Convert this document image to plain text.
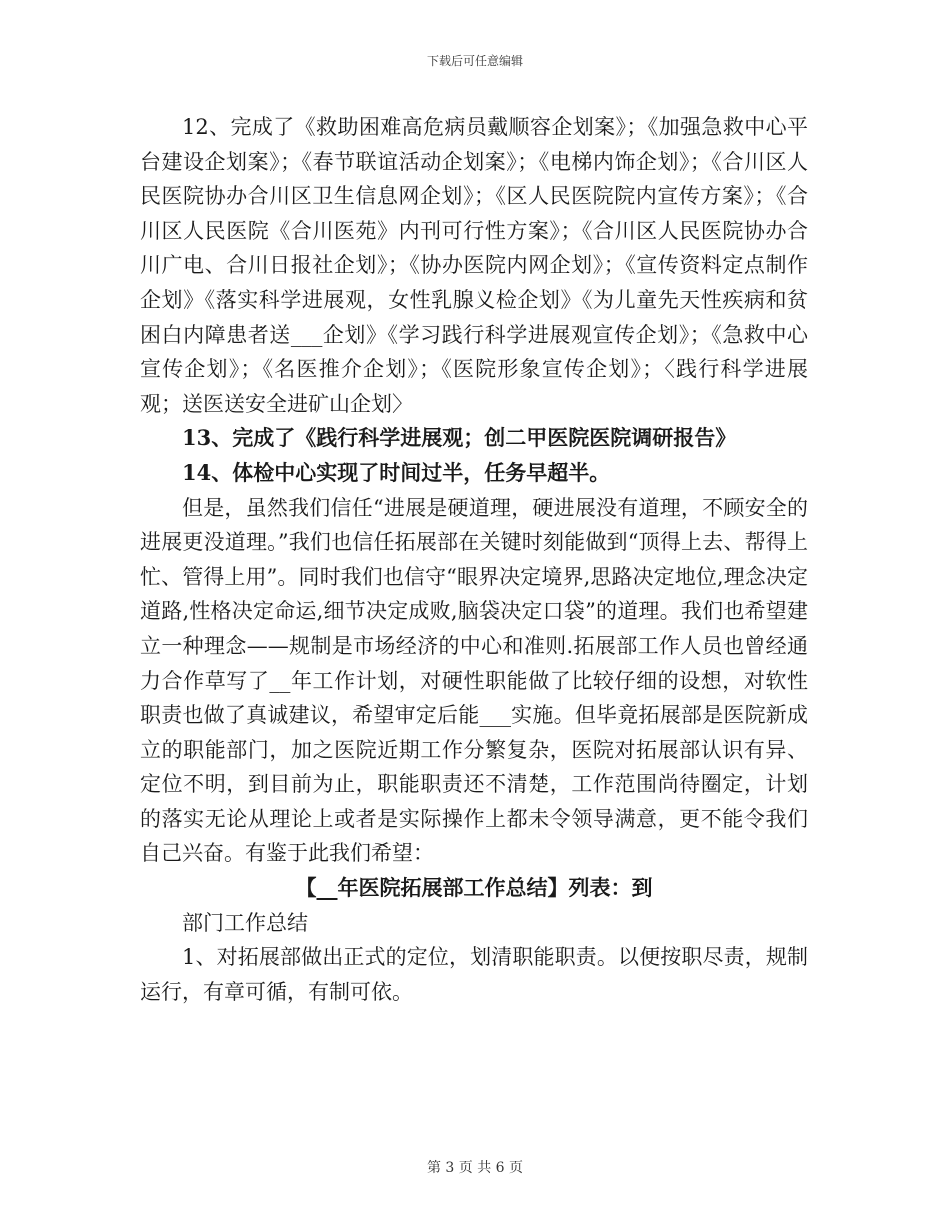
下载后可任意编辑

12、完成了《救助困难高危病员戴顺容企划案》；《加强急救中心平台建设企划案》；《春节联谊活动企划案》；《电梯内饰企划》；《合川区人民医院协办合川区卫生信息网企划》；《区人民医院院内宣传方案》；《合川区人民医院《合川医苑》内刊可行性方案》；《合川区人民医院协办合川广电、合川日报社企划》；《协办医院内网企划》；《宣传资料定点制作企划》《落实科学进展观，女性乳腺义检企划》《为儿童先天性疾病和贫困白内障患者送___企划》《学习践行科学进展观宣传企划》；《急救中心宣传企划》；《名医推介企划》；《医院形象宣传企划》；〈践行科学进展观；送医送安全进矿山企划〉

13、完成了《践行科学进展观；创二甲医院医院调研报告》

14、体检中心实现了时间过半，任务早超半。

但是，虽然我们信任“进展是硬道理，硬进展没有道理，不顾安全的进展更没道理。”我们也信任拓展部在关键时刻能做到“顶得上去、帮得上忙、管得上用”。同时我们也信守“眼界决定境界,思路决定地位,理念决定道路,性格决定命运,细节决定成败,脑袋决定口袋”的道理。我们也希望建立一种理念——规制是市场经济的中心和准则.拓展部工作人员也曾经通力合作草写了__年工作计划，对硬性职能做了比较仔细的设想，对软性职责也做了真诚建议，希望审定后能___实施。但毕竟拓展部是医院新成立的职能部门，加之医院近期工作分繁复杂，医院对拓展部认识有异、定位不明，到目前为止，职能职责还不清楚，工作范围尚待圈定，计划的落实无论从理论上或者是实际操作上都未令领导满意，更不能令我们自己兴奋。有鉴于此我们希望：

【__年医院拓展部工作总结】列表：到

部门工作总结

1、对拓展部做出正式的定位，划清职能职责。以便按职尽责，规制运行，有章可循，有制可依。

第 3 页 共 6 页
